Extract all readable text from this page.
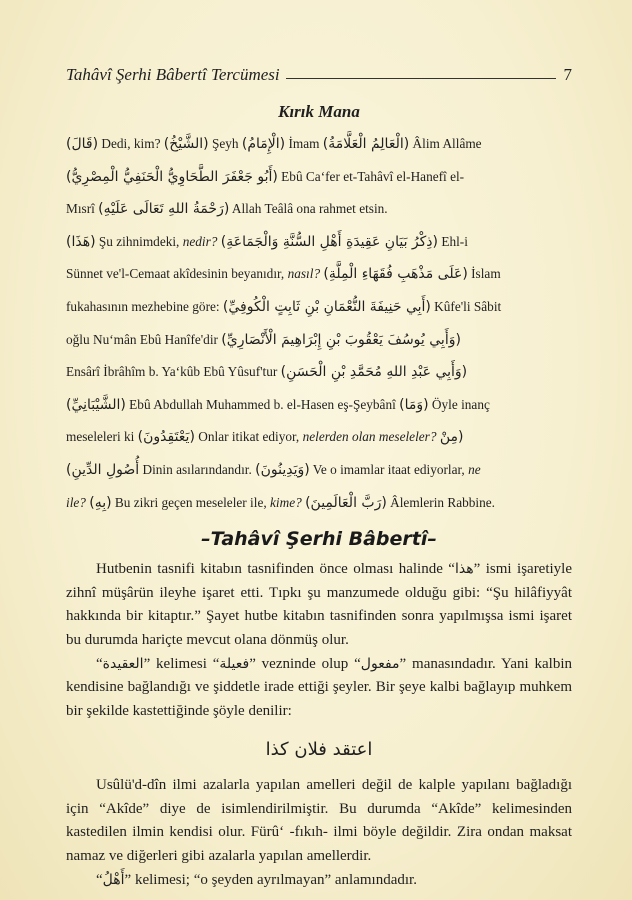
Tahâvî Şerhi Bâbertî Tercümesi	7
Kırık Mana

(قَالَ) Dedi, kim? (الشَّيْخُ) Şeyh (الْإِمَامُ) İmam (الْعَالِمُ الْعَلَّامَةُ) Âlim Allâme

(أَبُو جَعْفَرَ الطَّحَاوِيُّ الْحَنَفِيُّ الْمِصْرِيُّ) Ebû Ca‘fer et-Tahâvî el-Hanefî el-

Mısrî (رَحْمَةُ اللهِ تَعَالَى عَلَيْهِ) Allah Teâlâ ona rahmet etsin.

(هَذَا) Şu zihnimdeki, nedir? (ذِكْرُ بَيَانِ عَقِيدَةِ أَهْلِ السُّنَّةِ وَالْجَمَاعَةِ) Ehl-i

Sünnet ve'l-Cemaat akîdesinin beyanıdır, nasıl? (عَلَى مَذْهَبِ فُقَهَاءِ الْمِلَّةِ) İslam

fukahasının mezhebine göre: (أَبِي حَنِيفَةَ النُّعْمَانِ بْنِ ثَابِتٍ الْكُوفِيِّ) Kûfe'li Sâbit

oğlu Nu‘mân Ebû Hanîfe'dir (وَأَبِي يُوسُفَ يَعْقُوبَ بْنِ إِبْرَاهِيمَ الْأَنْصَارِيِّ)

Ensârî İbrâhîm b. Ya‘kûb Ebû Yûsuf'tur (وَأَبِي عَبْدِ اللهِ مُحَمَّدِ بْنِ الْحَسَنِ)

(الشَّيْبَانِيِّ) Ebû Abdullah Muhammed b. el-Hasen eş-Şeybânî (وَمَا) Öyle inanç

meseleleri ki (يَعْتَقِدُونَ) Onlar itikat ediyor, nelerden olan meseleler? (مِنْ

أُصُولِ الدِّينِ) Dinin asılarındandır. (وَيَدِينُونَ) Ve o imamlar itaat ediyorlar, ne

ile? (بِهِ) Bu zikri geçen meseleler ile, kime? (رَبَّ الْعَالَمِينَ) Âlemlerin Rabbine.

–Tahâvî Şerhi Bâbertî–

Hutbenin tasnifi kitabın tasnifinden önce olması halinde “هذا” ismi işaretiyle zihnî müşârün ileyhe işaret etti. Tıpkı şu manzumede olduğu gibi: “Şu hilâfiyyât hakkında bir kitaptır.” Şayet hutbe kitabın tasnifinden sonra yapılmışsa ismi işaret bu durumda hariçte mevcut olana dönmüş olur.

“العقيدة” kelimesi “فعيلة” vezninde olup “مفعول” manasındadır. Yani kalbin kendisine bağlandığı ve şiddetle irade ettiği şeyler. Bir şeye kalbi bağlayıp muhkem bir şekilde kastettiğinde şöyle denilir:

اعتقد فلان كذا

Usûlü'd-dîn ilmi azalarla yapılan amelleri değil de kalple yapılanı bağladığı için “Akîde” diye de isimlendirilmiştir. Bu durumda “Akîde” kelimesinden kastedilen ilmin kendisi olur. Fürû‘ -fıkıh- ilmi böyle değildir. Zira ondan maksat namaz ve diğerleri gibi azalarla yapılan amellerdir.

“أَهْلُ” kelimesi; “o şeyden ayrılmayan” anlamındadır.
